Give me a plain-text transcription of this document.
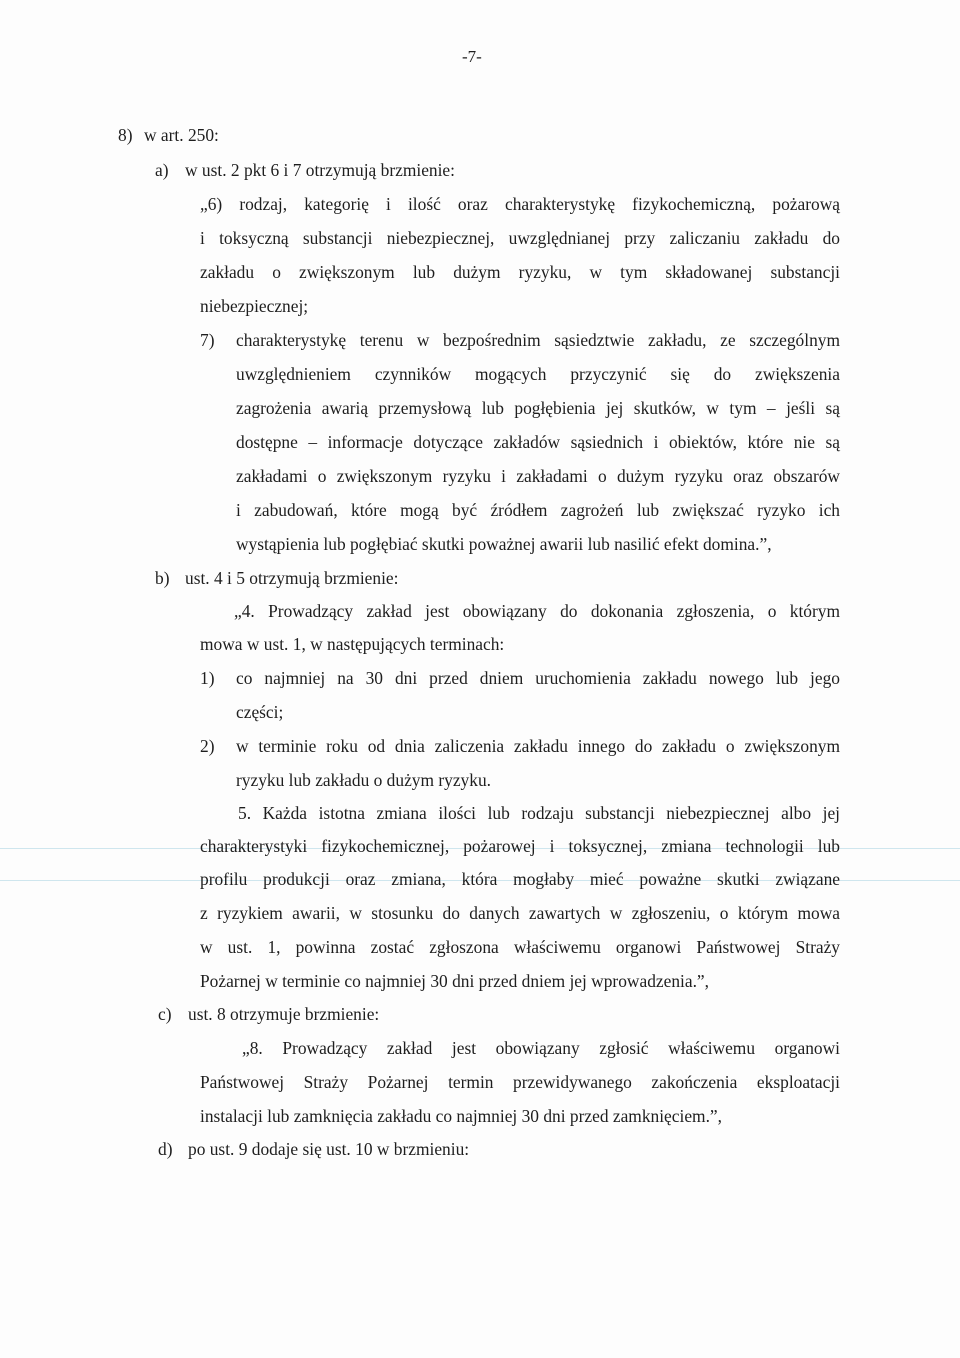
-7-
8) w art. 250:
a) w ust. 2 pkt 6 i 7 otrzymują brzmienie:
„6) rodzaj, kategorię i ilość oraz charakterystykę fizykochemiczną, pożarową
i toksyczną substancji niebezpiecznej, uwzględnianej przy zaliczaniu zakładu do
zakładu o zwiększonym lub dużym ryzyku, w tym składowanej substancji
niebezpiecznej;
7) charakterystykę terenu w bezpośrednim sąsiedztwie zakładu, ze szczególnym
uwzględnieniem czynników mogących przyczynić się do zwiększenia
zagrożenia awarią przemysłową lub pogłębienia jej skutków, w tym – jeśli są
dostępne – informacje dotyczące zakładów sąsiednich i obiektów, które nie są
zakładami o zwiększonym ryzyku i zakładami o dużym ryzyku oraz obszarów
i zabudowań, które mogą być źródłem zagrożeń lub zwiększać ryzyko ich
wystąpienia lub pogłębiać skutki poważnej awarii lub nasilić efekt domina.”,
b) ust. 4 i 5 otrzymują brzmienie:
„4. Prowadzący zakład jest obowiązany do dokonania zgłoszenia, o którym
mowa w ust. 1, w następujących terminach:
1) co najmniej na 30 dni przed dniem uruchomienia zakładu nowego lub jego
części;
2) w terminie roku od dnia zaliczenia zakładu innego do zakładu o zwiększonym
ryzyku lub zakładu o dużym ryzyku.
5. Każda istotna zmiana ilości lub rodzaju substancji niebezpiecznej albo jej
charakterystyki fizykochemicznej, pożarowej i toksycznej, zmiana technologii lub
profilu produkcji oraz zmiana, która mogłaby mieć poważne skutki związane
z ryzykiem awarii, w stosunku do danych zawartych w zgłoszeniu, o którym mowa
w ust. 1, powinna zostać zgłoszona właściwemu organowi Państwowej Straży
Pożarnej w terminie co najmniej 30 dni przed dniem jej wprowadzenia.”,
c) ust. 8 otrzymuje brzmienie:
„8. Prowadzący zakład jest obowiązany zgłosić właściwemu organowi
Państwowej Straży Pożarnej termin przewidywanego zakończenia eksploatacji
instalacji lub zamknięcia zakładu co najmniej 30 dni przed zamknięciem.”,
d) po ust. 9 dodaje się ust. 10 w brzmieniu:
